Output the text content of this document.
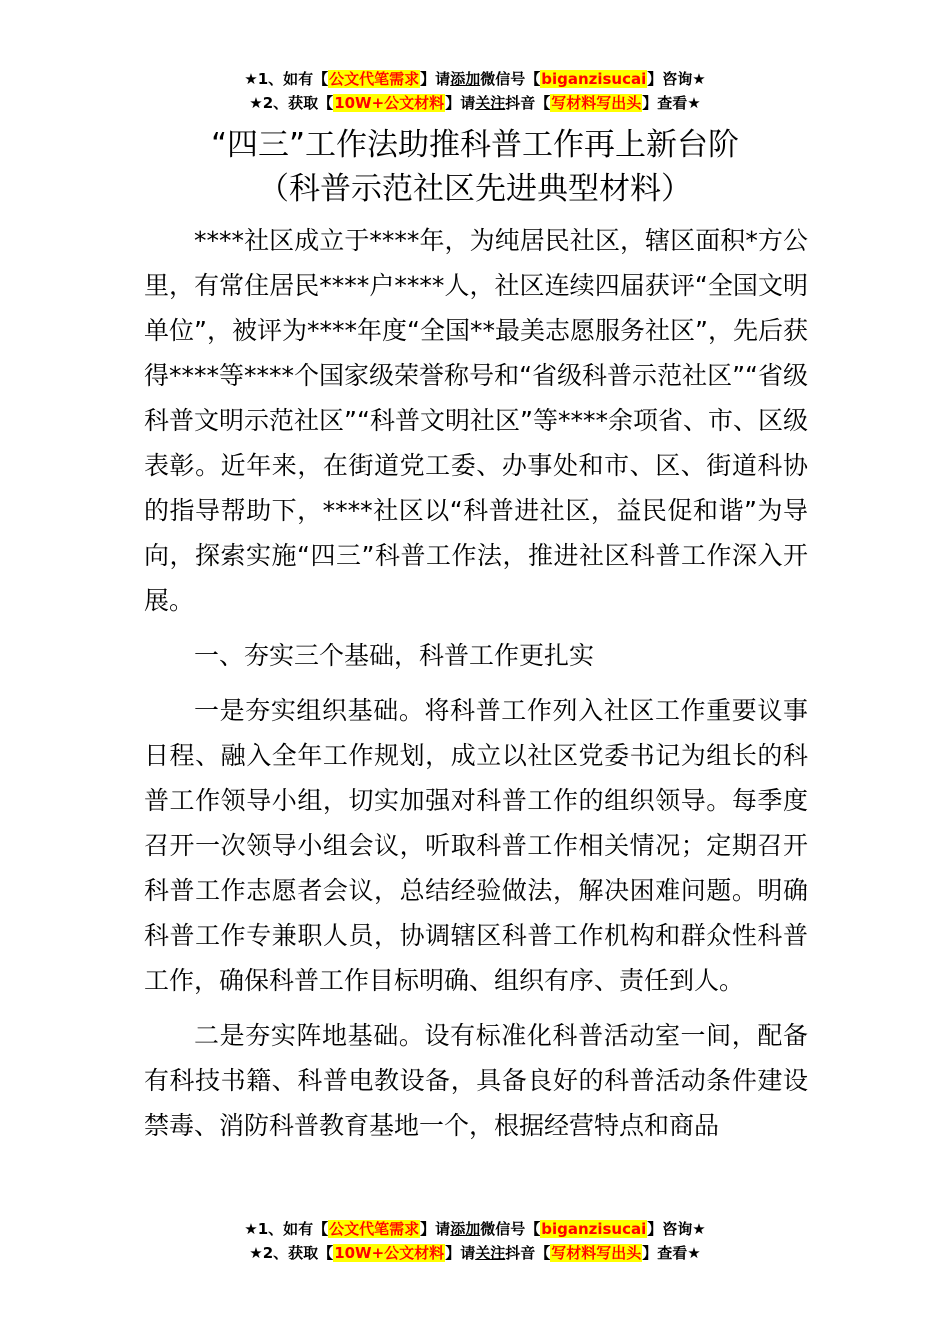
★1、如有【公文代笔需求】请添加微信号【biganzisucai】咨询★
★2、获取【10W+公文材料】请关注抖音【写材料写出头】查看★
“四三”工作法助推科普工作再上新台阶
（科普示范社区先进典型材料）

****社区成立于****年，为纯居民社区，辖区面积*方公里，有常住居民****户****人，社区连续四届获评“全国文明单位”，被评为****年度“全国**最美志愿服务社区”，先后获得****等****个国家级荣誉称号和“省级科普示范社区”“省级科普文明示范社区”“科普文明社区”等****余项省、市、区级表彰。近年来，在街道党工委、办事处和市、区、街道科协的指导帮助下，****社区以“科普进社区，益民促和谐”为导向，探索实施“四三”科普工作法，推进社区科普工作深入开展。

一、夯实三个基础，科普工作更扎实

一是夯实组织基础。将科普工作列入社区工作重要议事日程、融入全年工作规划，成立以社区党委书记为组长的科普工作领导小组，切实加强对科普工作的组织领导。每季度召开一次领导小组会议，听取科普工作相关情况；定期召开科普工作志愿者会议，总结经验做法，解决困难问题。明确科普工作专兼职人员，协调辖区科普工作机构和群众性科普工作，确保科普工作目标明确、组织有序、责任到人。

二是夯实阵地基础。设有标准化科普活动室一间，配备有科技书籍、科普电教设备，具备良好的科普活动条件建设禁毒、消防科普教育基地一个，根据经营特点和商品

★1、如有【公文代笔需求】请添加微信号【biganzisucai】咨询★
★2、获取【10W+公文材料】请关注抖音【写材料写出头】查看★
